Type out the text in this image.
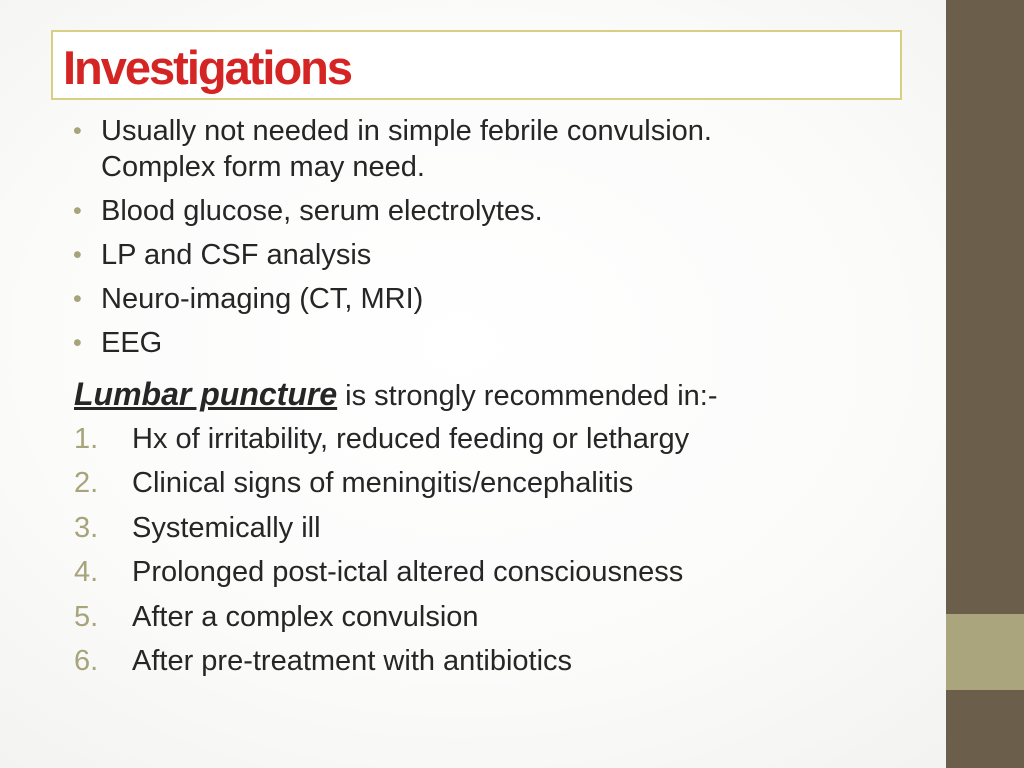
Investigations
• Usually not needed in simple febrile convulsion.
Complex form may need.
• Blood glucose, serum electrolytes.
• LP and CSF analysis
• Neuro-imaging (CT, MRI)
• EEG

Lumbar puncture is strongly recommended in:-

1. Hx of irritability, reduced feeding or lethargy
2. Clinical signs of meningitis/encephalitis
3. Systemically ill
4. Prolonged post-ictal altered consciousness
5. After a complex convulsion
6. After pre-treatment with antibiotics
